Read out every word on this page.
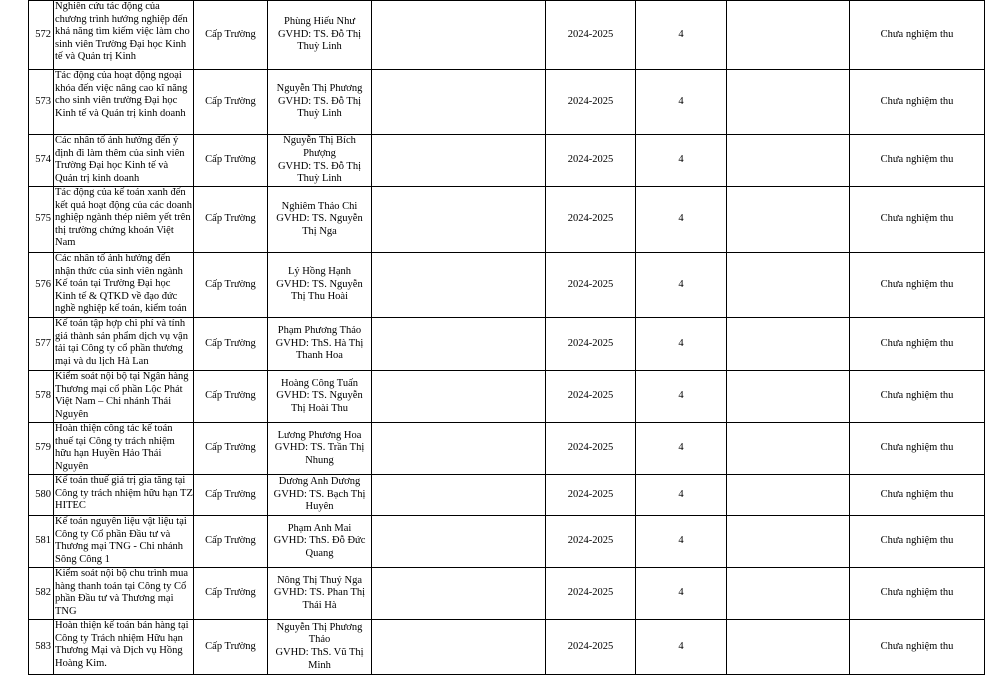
572	Nghiên cứu tác động của chương trình hướng nghiệp đến khả năng tìm kiếm việc làm cho sinh viên Trường Đại học Kinh tế và Quản trị Kinh	Cấp Trường	Phùng Hiếu Như
GVHD: TS. Đỗ Thị
Thuỳ Linh		2024-2025	4		Chưa nghiệm thu
573	Tác động của hoạt động ngoại khóa đến việc nâng cao kĩ năng cho sinh viên trường Đại học Kinh tế và Quản trị kinh doanh	Cấp Trường	Nguyễn Thị Phương
GVHD: TS. Đỗ Thị
Thuỳ Linh		2024-2025	4		Chưa nghiệm thu
574	Các nhân tố ảnh hưởng đến ý định đi làm thêm của sinh viên Trường Đại học Kinh tế và Quản trị kinh doanh	Cấp Trường	Nguyễn Thị Bích
Phượng
GVHD: TS. Đỗ Thị
Thuỳ Linh		2024-2025	4		Chưa nghiệm thu
575	Tác động của kế toán xanh đến kết quả hoạt động của các doanh nghiệp ngành thép niêm yết trên thị trường chứng khoán Việt Nam	Cấp Trường	Nghiêm Thảo Chi
GVHD: TS. Nguyễn
Thị Nga		2024-2025	4		Chưa nghiệm thu
576	Các nhân tố ảnh hưởng đến nhận thức của sinh viên ngành Kế toán tại Trường Đại học Kinh tế & QTKD về đạo đức nghề nghiệp kế toán, kiểm toán	Cấp Trường	Lý Hồng Hạnh
GVHD: TS. Nguyễn
Thị Thu Hoài		2024-2025	4		Chưa nghiệm thu
577	Kế toán tập hợp chi phí và tính giá thành sản phẩm dịch vụ vận tải tại Công ty cổ phần thương mại và du lịch Hà Lan	Cấp Trường	Phạm Phương Thảo
GVHD: ThS. Hà Thị
Thanh Hoa		2024-2025	4		Chưa nghiệm thu
578	Kiểm soát nội bộ tại Ngân hàng Thương mại cổ phần Lộc Phát Việt Nam – Chi nhánh Thái Nguyên	Cấp Trường	Hoàng Công Tuấn
GVHD: TS. Nguyễn
Thị Hoài Thu		2024-2025	4		Chưa nghiệm thu
579	Hoàn thiện công tác kế toán thuế tại Công ty trách nhiệm hữu hạn Huyền Hảo Thái Nguyên	Cấp Trường	Lương Phương Hoa
GVHD: TS. Trần Thị
Nhung		2024-2025	4		Chưa nghiệm thu
580	Kế toán thuế giá trị gia tăng tại Công ty trách nhiệm hữu hạn TZ HITEC	Cấp Trường	Dương Anh Dương
GVHD: TS. Bạch Thị
Huyên		2024-2025	4		Chưa nghiệm thu
581	Kế toán nguyên liệu vật liệu tại Công ty Cổ phần Đầu tư và Thương mại TNG - Chi nhánh Sông Công 1	Cấp Trường	Phạm Anh Mai
GVHD: ThS. Đỗ Đức
Quang		2024-2025	4		Chưa nghiệm thu
582	Kiểm soát nội bộ chu trình mua hàng thanh toán tại Công ty Cổ phần Đầu tư và Thương mại TNG	Cấp Trường	Nông Thị Thuý Nga
GVHD: TS. Phan Thị
Thái Hà		2024-2025	4		Chưa nghiệm thu
583	Hoàn thiện kế toán bán hàng tại Công ty Trách nhiệm Hữu hạn Thương Mại và Dịch vụ Hồng Hoàng Kim.	Cấp Trường	Nguyễn Thị Phương
Thảo
GVHD: ThS. Vũ Thị
Minh		2024-2025	4		Chưa nghiệm thu
